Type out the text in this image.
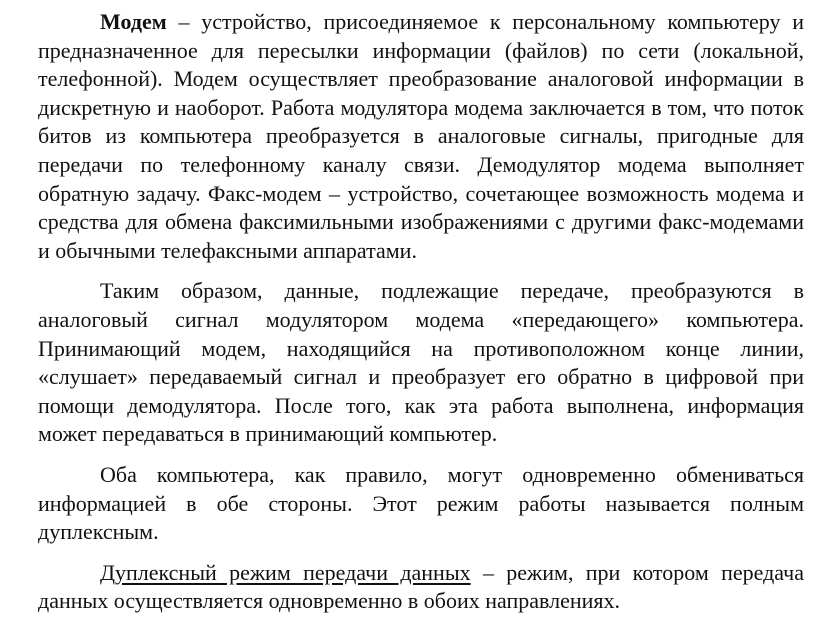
Модем – устройство, присоединяемое к персональному компьютеру и предназначенное для пересылки информации (файлов) по сети (локальной, телефонной). Модем осуществляет преобразование аналоговой информации в дискретную и наоборот. Работа модулятора модема заключается в том, что поток битов из компьютера преобразуется в аналоговые сигналы, пригодные для передачи по телефонному каналу связи. Демодулятор модема выполняет обратную задачу. Факс-модем – устройство, сочетающее возможность модема и средства для обмена факсимильными изображениями с другими факс-модемами и обычными телефаксными аппаратами.

Таким образом, данные, подлежащие передаче, преобразуются в аналоговый сигнал модулятором модема «передающего» компьютера. Принимающий модем, находящийся на противоположном конце линии, «слушает» передаваемый сигнал и преобразует его обратно в цифровой при помощи демодулятора. После того, как эта работа выполнена, информация может передаваться в принимающий компьютер.

Оба компьютера, как правило, могут одновременно обмениваться информацией в обе стороны. Этот режим работы называется полным дуплексным.

Дуплексный режим передачи данных – режим, при котором передача данных осуществляется одновременно в обоих направлениях.
